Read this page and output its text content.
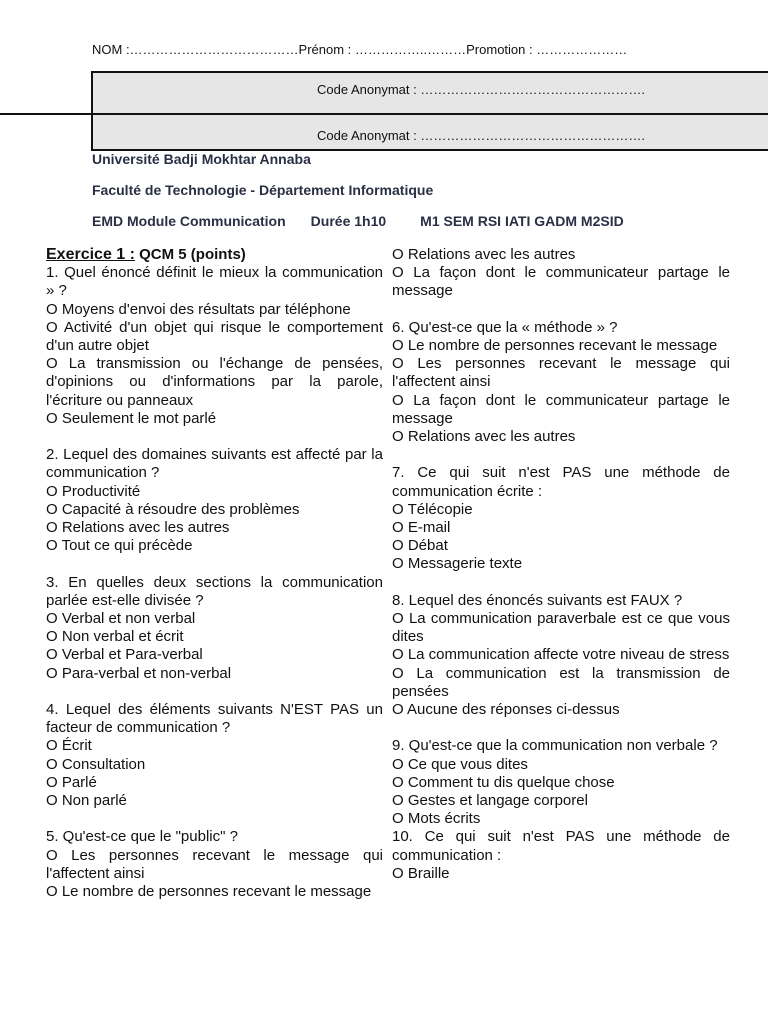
NOM :…………………………………Prénom : ……………..………Promotion : …………………
Code Anonymat : …………………………………………….
Code Anonymat : …………………………………………….

Université Badji Mokhtar Annaba

Faculté de Technologie - Département Informatique

EMD Module Communication Durée 1h10 M1 SEM RSI IATI GADM M2SID

Exercice 1 : QCM 5 (points)

1. Quel énoncé définit le mieux la communication » ?

O Moyens d'envoi des résultats par téléphone

O Activité d'un objet qui risque le comportement d'un autre objet

O La transmission ou l'échange de pensées, d'opinions ou d'informations par la parole, l'écriture ou panneaux

O Seulement le mot parlé

2. Lequel des domaines suivants est affecté par la communication ?

O Productivité

O Capacité à résoudre des problèmes

O Relations avec les autres

O Tout ce qui précède

3. En quelles deux sections la communication parlée est-elle divisée ?

O Verbal et non verbal

O Non verbal et écrit

O Verbal et Para-verbal

O Para-verbal et non-verbal

4. Lequel des éléments suivants N'EST PAS un facteur de communication ?

O Écrit

O Consultation

O Parlé

O Non parlé

5. Qu'est-ce que le "public" ?

O Les personnes recevant le message qui l'affectent ainsi

O Le nombre de personnes recevant le message

O Relations avec les autres

O La façon dont le communicateur partage le message

6. Qu'est-ce que la « méthode » ?

O Le nombre de personnes recevant le message

O Les personnes recevant le message qui l'affectent ainsi

O La façon dont le communicateur partage le message

O Relations avec les autres

7. Ce qui suit n'est PAS une méthode de communication écrite :

O Télécopie

O E-mail

O Débat

O Messagerie texte

8. Lequel des énoncés suivants est FAUX ?

O La communication paraverbale est ce que vous dites

O La communication affecte votre niveau de stress

O La communication est la transmission de pensées

O Aucune des réponses ci-dessus

9. Qu'est-ce que la communication non verbale ?

O Ce que vous dites

O Comment tu dis quelque chose

O Gestes et langage corporel

O Mots écrits

10. Ce qui suit n'est PAS une méthode de communication :

O Braille
